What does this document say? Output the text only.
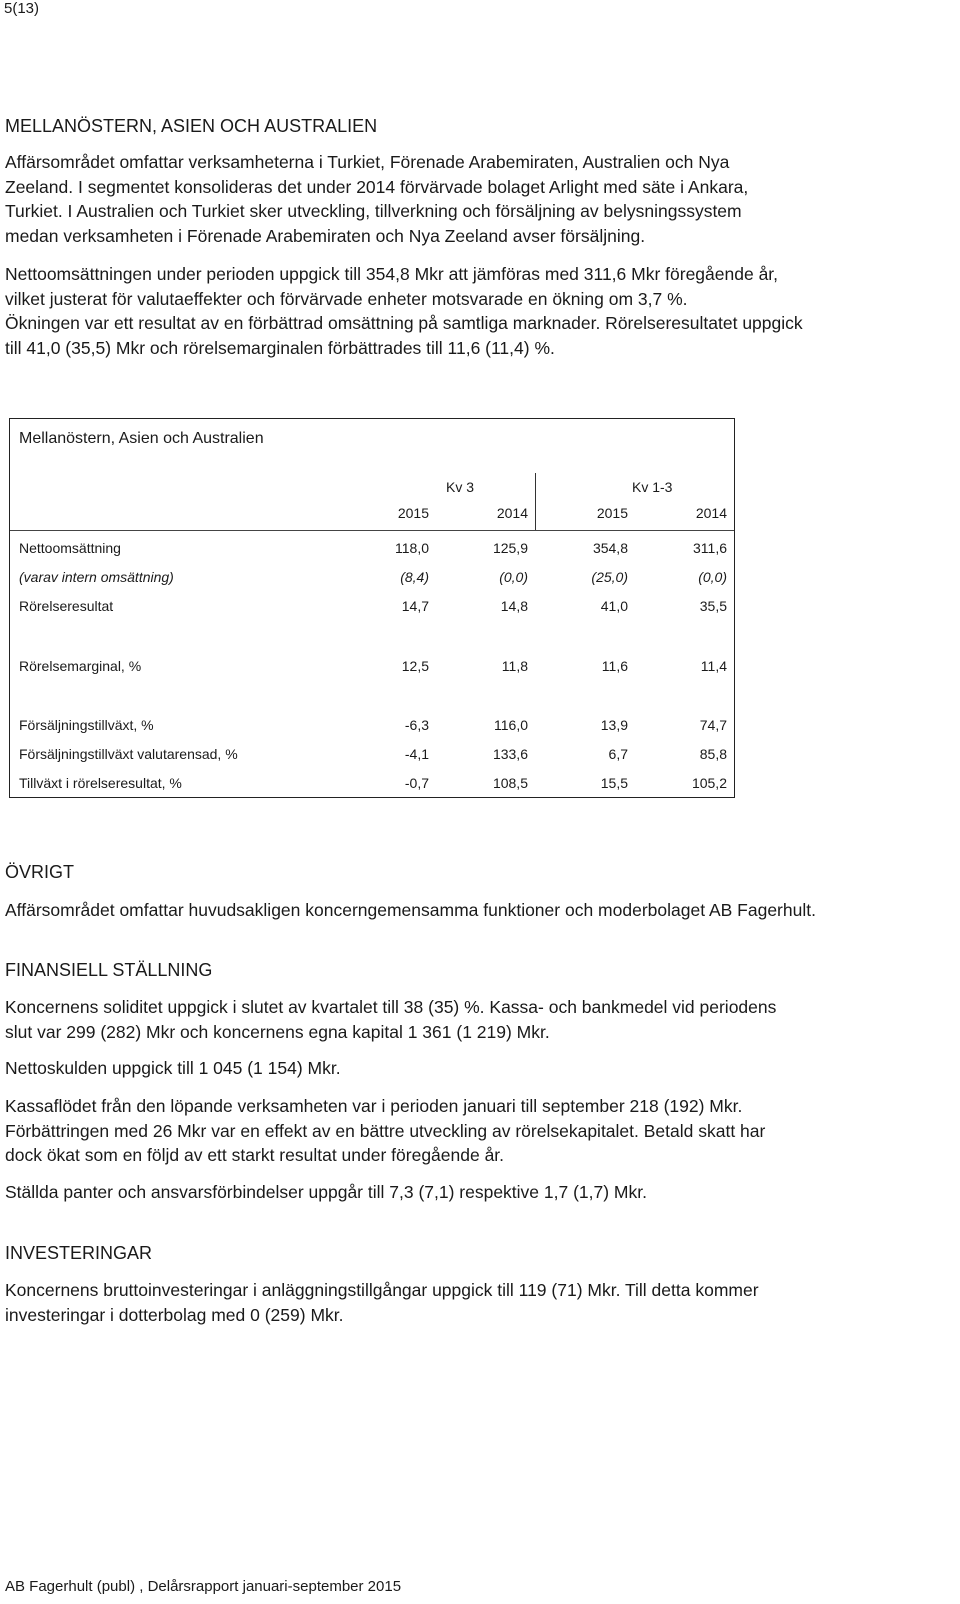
5(13)
MELLANÖSTERN, ASIEN OCH AUSTRALIEN
Affärsområdet omfattar verksamheterna i Turkiet, Förenade Arabemiraten, Australien och Nya
Zeeland. I segmentet konsolideras det under 2014 förvärvade bolaget Arlight med säte i Ankara,
Turkiet. I Australien och Turkiet sker utveckling, tillverkning och försäljning av belysningssystem
medan verksamheten i Förenade Arabemiraten och Nya Zeeland avser försäljning.
Nettoomsättningen under perioden uppgick till 354,8 Mkr att jämföras med 311,6 Mkr föregående år,
vilket justerat för valutaeffekter och förvärvade enheter motsvarade en ökning om 3,7 %.
Ökningen var ett resultat av en förbättrad omsättning på samtliga marknader. Rörelseresultatet uppgick
till 41,0 (35,5) Mkr och rörelsemarginalen förbättrades till 11,6 (11,4) %.
Mellanöstern, Asien och Australien
Kv 3	Kv 1-3
2015	2014	2015	2014
Nettoomsättning	118,0	125,9	354,8	311,6
(varav intern omsättning)	(8,4)	(0,0)	(25,0)	(0,0)
Rörelseresultat	14,7	14,8	41,0	35,5
Rörelsemarginal, %	12,5	11,8	11,6	11,4
Försäljningstillväxt, %	-6,3	116,0	13,9	74,7
Försäljningstillväxt valutarensad, %	-4,1	133,6	6,7	85,8
Tillväxt i rörelseresultat, %	-0,7	108,5	15,5	105,2
ÖVRIGT
Affärsområdet omfattar huvudsakligen koncerngemensamma funktioner och moderbolaget AB Fagerhult.
FINANSIELL STÄLLNING
Koncernens soliditet uppgick i slutet av kvartalet till 38 (35) %. Kassa- och bankmedel vid periodens
slut var 299 (282) Mkr och koncernens egna kapital 1 361 (1 219) Mkr.
Nettoskulden uppgick till 1 045 (1 154) Mkr.
Kassaflödet från den löpande verksamheten var i perioden januari till september 218 (192) Mkr.
Förbättringen med 26 Mkr var en effekt av en bättre utveckling av rörelsekapitalet. Betald skatt har
dock ökat som en följd av ett starkt resultat under föregående år.
Ställda panter och ansvarsförbindelser uppgår till 7,3 (7,1) respektive 1,7 (1,7) Mkr.
INVESTERINGAR
Koncernens bruttoinvesteringar i anläggningstillgångar uppgick till 119 (71) Mkr. Till detta kommer
investeringar i dotterbolag med 0 (259) Mkr.
AB Fagerhult (publ) , Delårsrapport januari-september 2015
